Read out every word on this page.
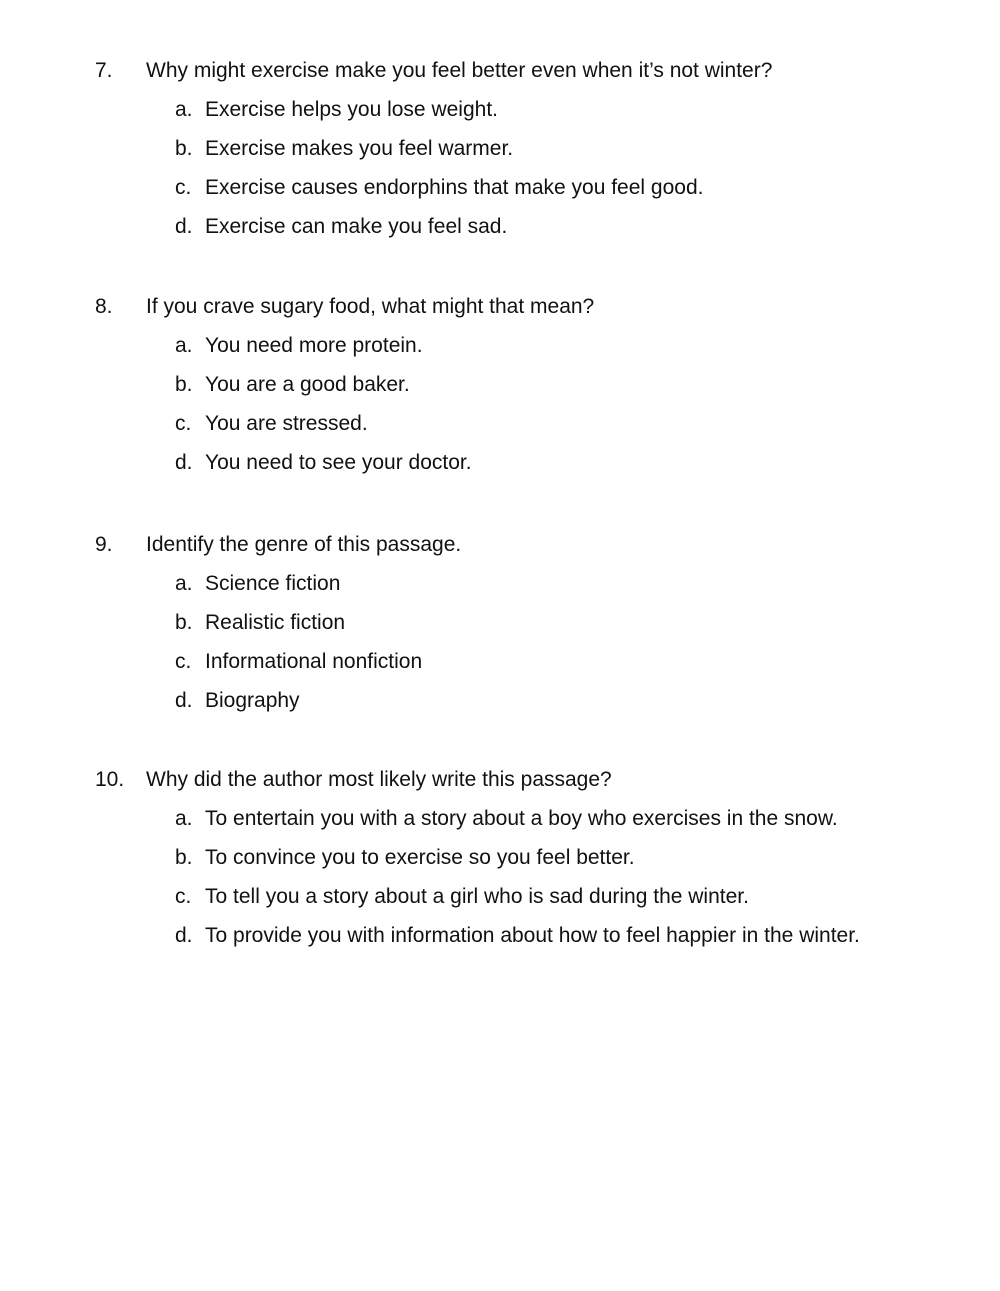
7. Why might exercise make you feel better even when it’s not winter?
a. Exercise helps you lose weight.
b. Exercise makes you feel warmer.
c. Exercise causes endorphins that make you feel good.
d. Exercise can make you feel sad.
8. If you crave sugary food, what might that mean?
a. You need more protein.
b. You are a good baker.
c. You are stressed.
d. You need to see your doctor.
9. Identify the genre of this passage.
a. Science fiction
b. Realistic fiction
c. Informational nonfiction
d. Biography
10. Why did the author most likely write this passage?
a. To entertain you with a story about a boy who exercises in the snow.
b. To convince you to exercise so you feel better.
c. To tell you a story about a girl who is sad during the winter.
d. To provide you with information about how to feel happier in the winter.
